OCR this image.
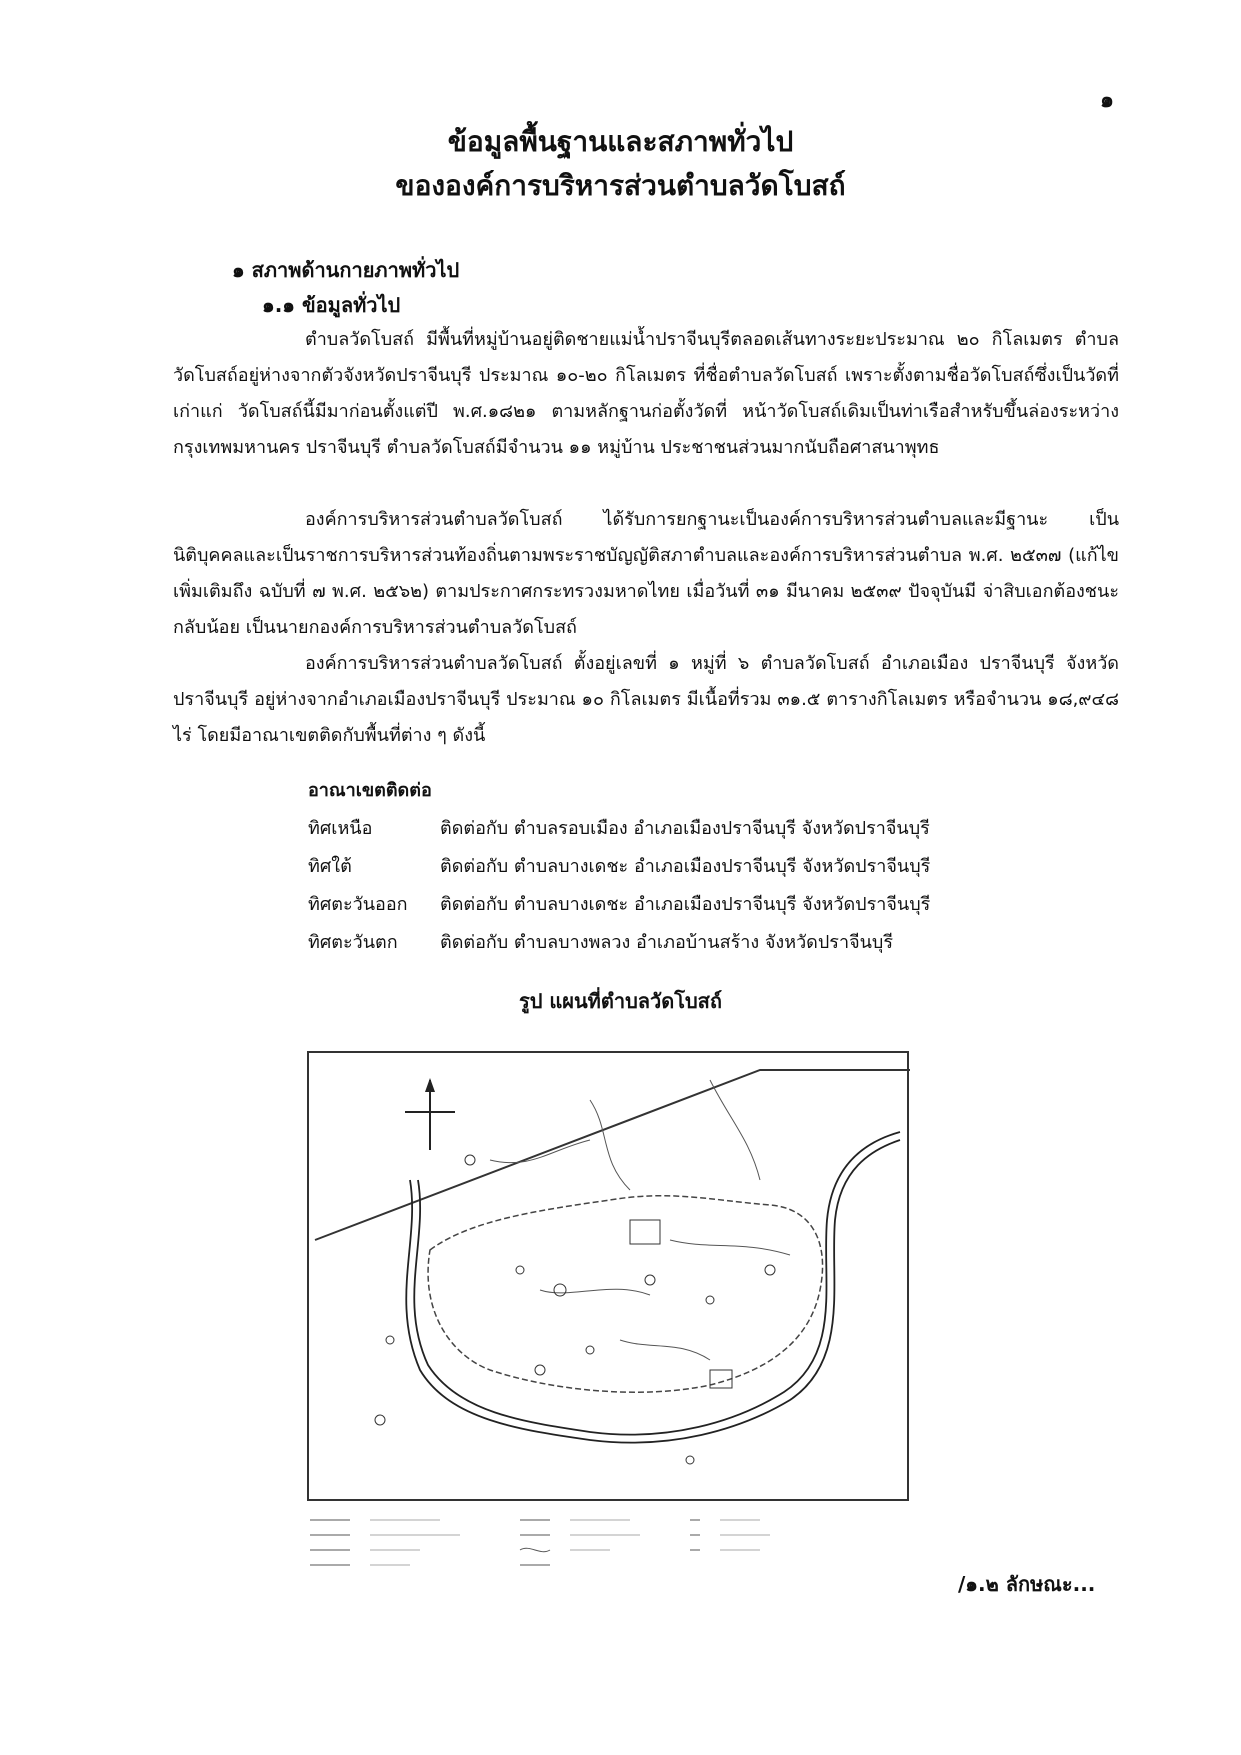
๑
ข้อมูลพื้นฐานและสภาพทั่วไป
ขององค์การบริหารส่วนตำบลวัดโบสถ์
๑ สภาพด้านกายภาพทั่วไป
๑.๑ ข้อมูลทั่วไป

ตำบลวัดโบสถ์ มีพื้นที่หมู่บ้านอยู่ติดชายแม่น้ำปราจีนบุรีตลอดเส้นทางระยะประมาณ ๒๐ กิโลเมตร ตำบลวัดโบสถ์อยู่ห่างจากตัวจังหวัดปราจีนบุรี ประมาณ ๑๐-๒๐ กิโลเมตร ที่ชื่อตำบลวัดโบสถ์ เพราะตั้งตามชื่อวัดโบสถ์ซึ่งเป็นวัดที่เก่าแก่ วัดโบสถ์นี้มีมาก่อนตั้งแต่ปี พ.ศ.๑๘๒๑ ตามหลักฐานก่อตั้งวัดที่ หน้าวัดโบสถ์เดิมเป็นท่าเรือสำหรับขึ้นล่องระหว่างกรุงเทพมหานคร ปราจีนบุรี ตำบลวัดโบสถ์มีจำนวน ๑๑ หมู่บ้าน ประชาชนส่วนมากนับถือศาสนาพุทธ

องค์การบริหารส่วนตำบลวัดโบสถ์ ได้รับการยกฐานะเป็นองค์การบริหารส่วนตำบลและมีฐานะ เป็นนิติบุคคลและเป็นราชการบริหารส่วนท้องถิ่นตามพระราชบัญญัติสภาตำบลและองค์การบริหารส่วนตำบล พ.ศ. ๒๕๓๗ (แก้ไขเพิ่มเติมถึง ฉบับที่ ๗ พ.ศ. ๒๕๖๒) ตามประกาศกระทรวงมหาดไทย เมื่อวันที่ ๓๑ มีนาคม ๒๕๓๙ ปัจจุบันมี จ่าสิบเอกต้องชนะ กลับน้อย เป็นนายกองค์การบริหารส่วนตำบลวัดโบสถ์

องค์การบริหารส่วนตำบลวัดโบสถ์ ตั้งอยู่เลขที่ ๑ หมู่ที่ ๖ ตำบลวัดโบสถ์ อำเภอเมือง ปราจีนบุรี จังหวัดปราจีนบุรี อยู่ห่างจากอำเภอเมืองปราจีนบุรี ประมาณ ๑๐ กิโลเมตร มีเนื้อที่รวม ๓๑.๕ ตารางกิโลเมตร หรือจำนวน ๑๘,๙๔๘ ไร่ โดยมีอาณาเขตติดกับพื้นที่ต่าง ๆ ดังนี้

อาณาเขตติดต่อ
ทิศเหนือ	ติดต่อกับ ตำบลรอบเมือง อำเภอเมืองปราจีนบุรี จังหวัดปราจีนบุรี
ทิศใต้	ติดต่อกับ ตำบลบางเดชะ อำเภอเมืองปราจีนบุรี จังหวัดปราจีนบุรี
ทิศตะวันออก	ติดต่อกับ ตำบลบางเดชะ อำเภอเมืองปราจีนบุรี จังหวัดปราจีนบุรี
ทิศตะวันตก	ติดต่อกับ ตำบลบางพลวง อำเภอบ้านสร้าง จังหวัดปราจีนบุรี
รูป แผนที่ตำบลวัดโบสถ์
/๑.๒ ลักษณะ...
